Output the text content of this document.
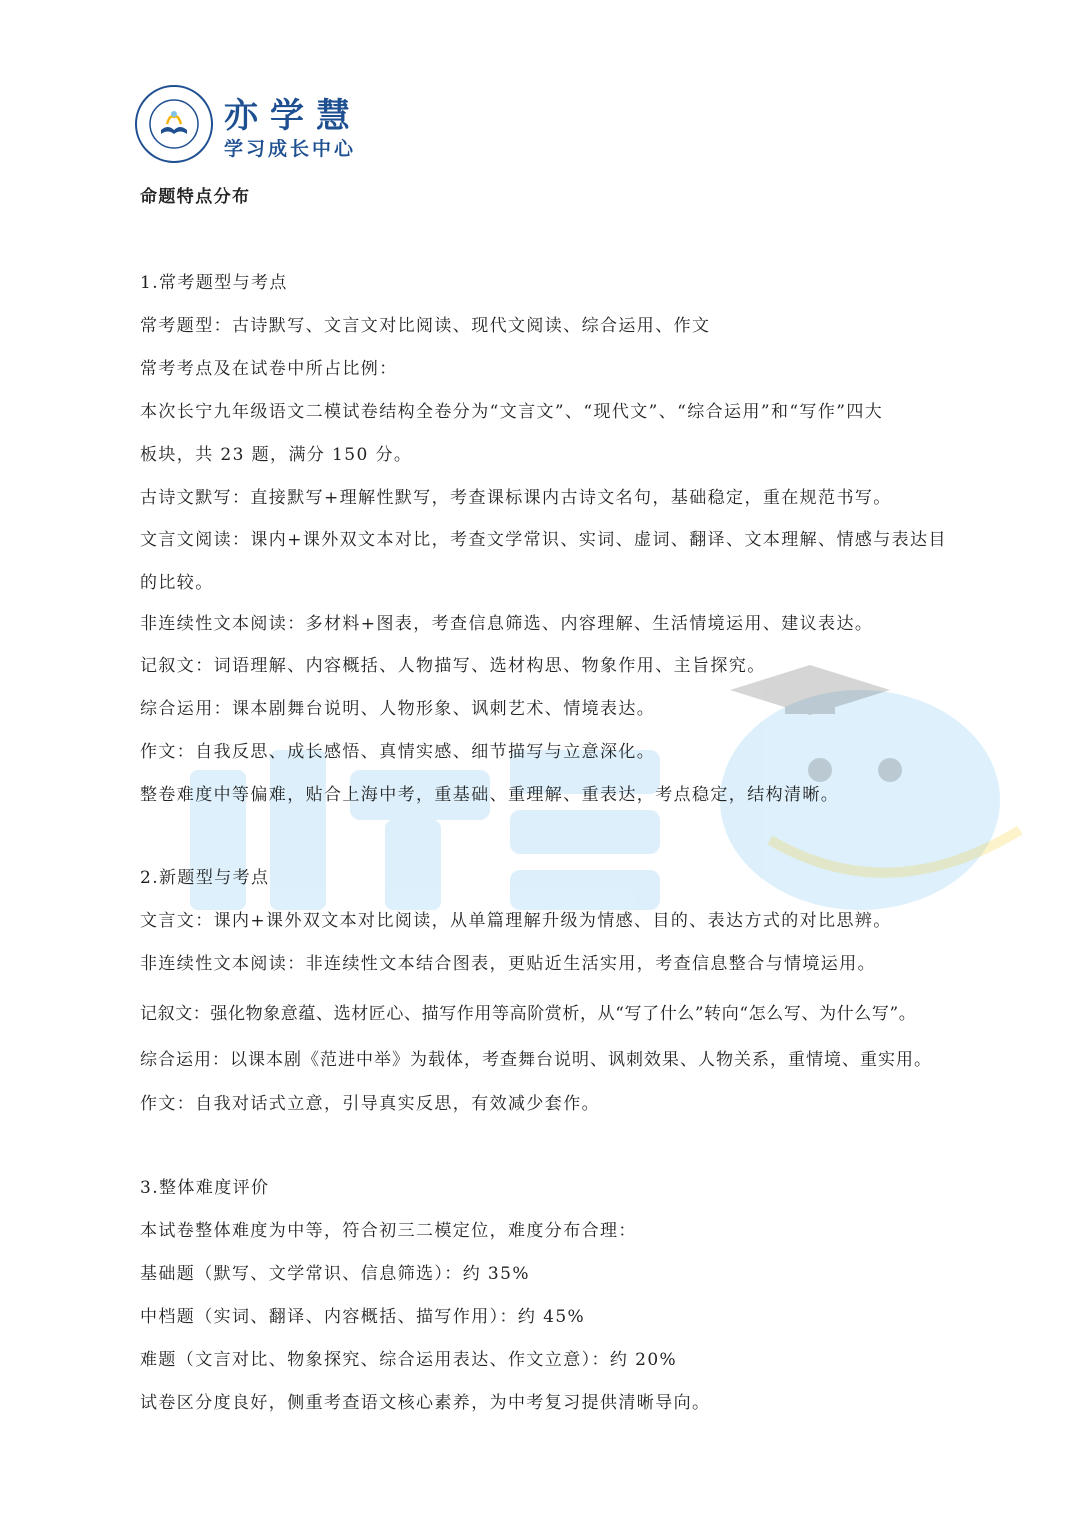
亦学慧
学习成长中心
命题特点分布
1.常考题型与考点
常考题型：古诗默写、文言文对比阅读、现代文阅读、综合运用、作文
常考考点及在试卷中所占比例：
本次长宁九年级语文二模试卷结构全卷分为“文言文”、“现代文”、“综合运用”和“写作”四大
板块，共 23 题，满分 150 分。
古诗文默写：直接默写+理解性默写，考查课标课内古诗文名句，基础稳定，重在规范书写。
文言文阅读：课内+课外双文本对比，考查文学常识、实词、虚词、翻译、文本理解、情感与表达目
的比较。
非连续性文本阅读：多材料+图表，考查信息筛选、内容理解、生活情境运用、建议表达。
记叙文：词语理解、内容概括、人物描写、选材构思、物象作用、主旨探究。
综合运用：课本剧舞台说明、人物形象、讽刺艺术、情境表达。
作文：自我反思、成长感悟、真情实感、细节描写与立意深化。
整卷难度中等偏难，贴合上海中考，重基础、重理解、重表达，考点稳定，结构清晰。
2.新题型与考点
文言文：课内+课外双文本对比阅读，从单篇理解升级为情感、目的、表达方式的对比思辨。
非连续性文本阅读：非连续性文本结合图表，更贴近生活实用，考查信息整合与情境运用。
记叙文：强化物象意蕴、选材匠心、描写作用等高阶赏析，从“写了什么”转向“怎么写、为什么写”。
综合运用：以课本剧《范进中举》为载体，考查舞台说明、讽刺效果、人物关系，重情境、重实用。
作文：自我对话式立意，引导真实反思，有效减少套作。
3.整体难度评价
本试卷整体难度为中等，符合初三二模定位，难度分布合理：
基础题（默写、文学常识、信息筛选）：约 35%
中档题（实词、翻译、内容概括、描写作用）：约 45%
难题（文言对比、物象探究、综合运用表达、作文立意）：约 20%
试卷区分度良好，侧重考查语文核心素养，为中考复习提供清晰导向。
